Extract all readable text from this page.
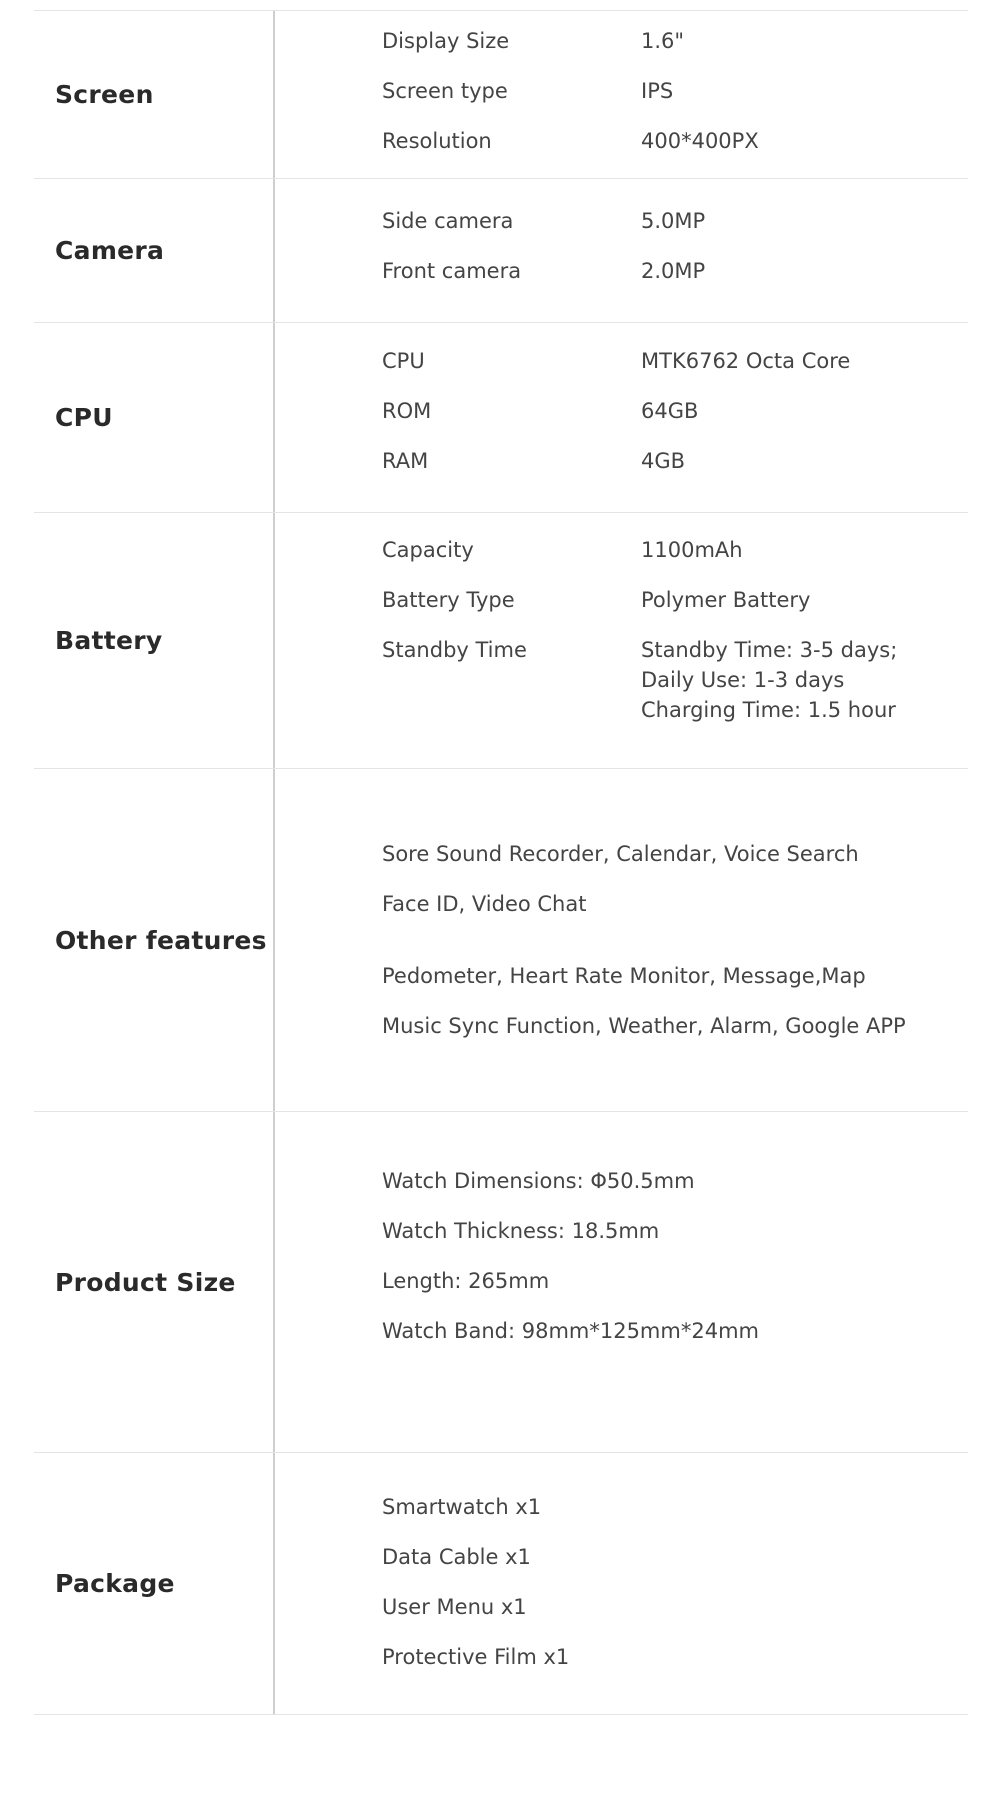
Screen
Display Size	1.6"
Screen type	IPS
Resolution	400*400PX
Camera
Side camera	5.0MP
Front camera	2.0MP
CPU
CPU	MTK6762 Octa Core
ROM	64GB
RAM	4GB
Battery
Capacity	1100mAh
Battery Type	Polymer Battery
Standby Time	Standby Time: 3-5 days;
Daily Use: 1-3 days
Charging Time: 1.5 hour
Other features
Sore Sound Recorder, Calendar, Voice Search
Face ID, Video Chat
Pedometer, Heart Rate Monitor, Message,Map
Music Sync Function, Weather, Alarm, Google APP
Product Size
Watch Dimensions: Φ50.5mm
Watch Thickness: 18.5mm
Length: 265mm
Watch Band: 98mm*125mm*24mm
Package
Smartwatch x1
Data Cable x1
User Menu x1
Protective Film x1
